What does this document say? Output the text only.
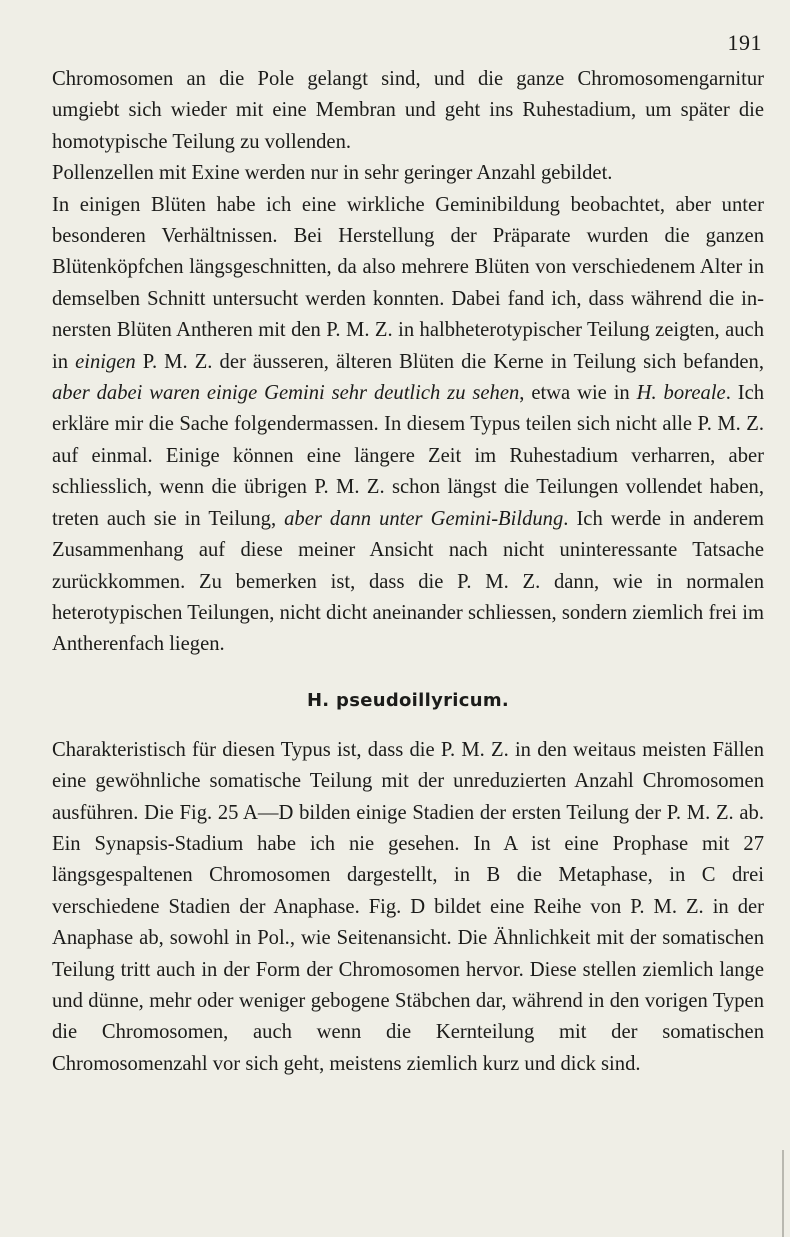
191

Chromosomen an die Pole gelangt sind, und die ganze Chromosomengarnitur umgiebt sich wieder mit eine Membran und geht ins Ruhestadium, um später die homotypische Teilung zu vollenden.

Pollenzellen mit Exine werden nur in sehr geringer Anzahl gebildet.

In einigen Blüten habe ich eine wirkliche Geminibildung beobachtet, aber unter besonderen Verhältnissen. Bei Herstellung der Präparate wurden die ganzen Blütenköpfchen längsgeschnitten, da also mehrere Blüten von verschiedenem Alter in demselben Schnitt untersucht werden konnten. Dabei fand ich, dass während die innersten Blüten Antheren mit den P. M. Z. in halbheterotypischer Teilung zeigten, auch in einigen P. M. Z. der äusseren, älteren Blüten die Kerne in Teilung sich befanden, aber dabei waren einige Gemini sehr deutlich zu sehen, etwa wie in H. boreale. Ich erkläre mir die Sache folgendermassen. In diesem Typus teilen sich nicht alle P. M. Z. auf einmal. Einige können eine längere Zeit im Ruhestadium verharren, aber schliesslich, wenn die übrigen P. M. Z. schon längst die Teilungen vollendet haben, treten auch sie in Teilung, aber dann unter Gemini-Bildung. Ich werde in anderem Zusammenhang auf diese meiner Ansicht nach nicht uninteressante Tatsache zurückkommen. Zu bemerken ist, dass die P. M. Z. dann, wie in normalen heterotypischen Teilungen, nicht dicht aneinander schliessen, sondern ziemlich frei im Antherenfach liegen.

H. pseudoillyricum.

Charakteristisch für diesen Typus ist, dass die P. M. Z. in den weitaus meisten Fällen eine gewöhnliche somatische Teilung mit der unreduzierten Anzahl Chromosomen ausführen. Die Fig. 25 A—D bilden einige Stadien der ersten Teilung der P. M. Z. ab. Ein Synapsis-Stadium habe ich nie gesehen. In A ist eine Prophase mit 27 längsgespaltenen Chromosomen dargestellt, in B die Metaphase, in C drei verschiedene Stadien der Anaphase. Fig. D bildet eine Reihe von P. M. Z. in der Anaphase ab, sowohl in Pol., wie Seitenansicht. Die Ähnlichkeit mit der somatischen Teilung tritt auch in der Form der Chromosomen hervor. Diese stellen ziemlich lange und dünne, mehr oder weniger gebogene Stäbchen dar, während in den vorigen Typen die Chromosomen, auch wenn die Kernteilung mit der somatischen Chromosomenzahl vor sich geht, meistens ziemlich kurz und dick sind.
